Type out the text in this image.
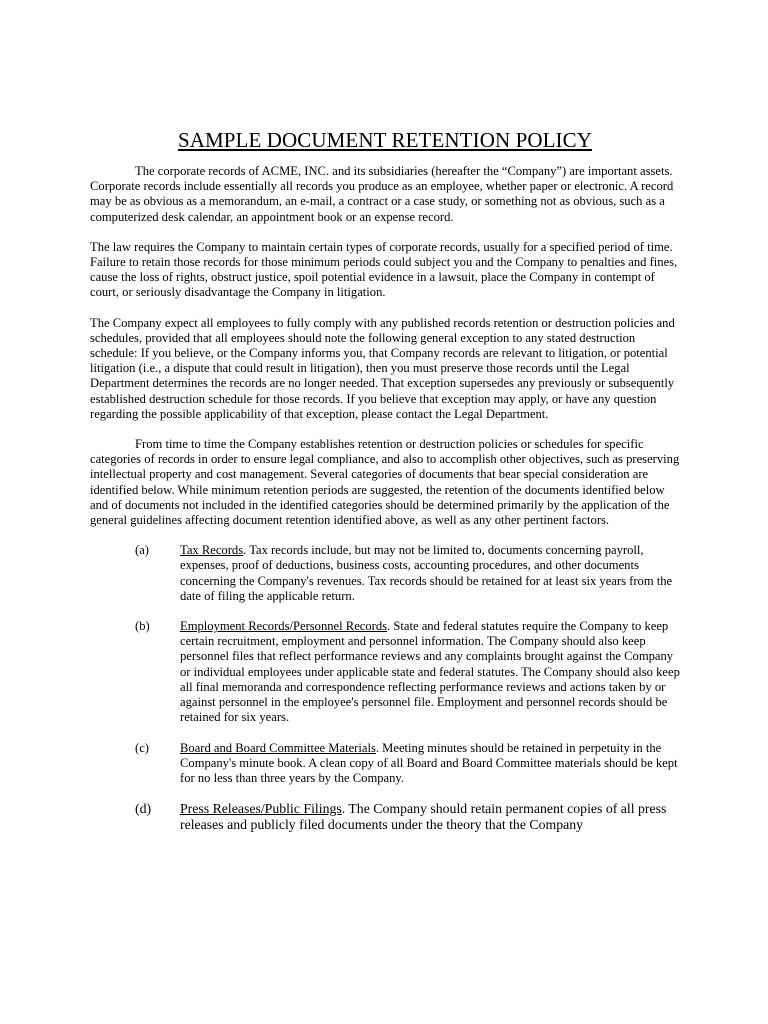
SAMPLE DOCUMENT RETENTION POLICY

The corporate records of ACME, INC. and its subsidiaries (hereafter the “Company”) are important assets. Corporate records include essentially all records you produce as an employee, whether paper or electronic. A record may be as obvious as a memorandum, an e-mail, a contract or a case study, or something not as obvious, such as a computerized desk calendar, an appointment book or an expense record.

The law requires the Company to maintain certain types of corporate records, usually for a specified period of time. Failure to retain those records for those minimum periods could subject you and the Company to penalties and fines, cause the loss of rights, obstruct justice, spoil potential evidence in a lawsuit, place the Company in contempt of court, or seriously disadvantage the Company in litigation.

The Company expect all employees to fully comply with any published records retention or destruction policies and schedules, provided that all employees should note the following general exception to any stated destruction schedule: If you believe, or the Company informs you, that Company records are relevant to litigation, or potential litigation (i.e., a dispute that could result in litigation), then you must preserve those records until the Legal Department determines the records are no longer needed. That exception supersedes any previously or subsequently established destruction schedule for those records. If you believe that exception may apply, or have any question regarding the possible applicability of that exception, please contact the Legal Department.

From time to time the Company establishes retention or destruction policies or schedules for specific categories of records in order to ensure legal compliance, and also to accomplish other objectives, such as preserving intellectual property and cost management. Several categories of documents that bear special consideration are identified below. While minimum retention periods are suggested, the retention of the documents identified below and of documents not included in the identified categories should be determined primarily by the application of the general guidelines affecting document retention identified above, as well as any other pertinent factors.

(a)	Tax Records. Tax records include, but may not be limited to, documents concerning payroll, expenses, proof of deductions, business costs, accounting procedures, and other documents concerning the Company's revenues. Tax records should be retained for at least six years from the date of filing the applicable return.
(b)	Employment Records/Personnel Records. State and federal statutes require the Company to keep certain recruitment, employment and personnel information. The Company should also keep personnel files that reflect performance reviews and any complaints brought against the Company or individual employees under applicable state and federal statutes. The Company should also keep all final memoranda and correspondence reflecting performance reviews and actions taken by or against personnel in the employee's personnel file. Employment and personnel records should be retained for six years.
(c)	Board and Board Committee Materials. Meeting minutes should be retained in perpetuity in the Company's minute book. A clean copy of all Board and Board Committee materials should be kept for no less than three years by the Company.
(d)	Press Releases/Public Filings. The Company should retain permanent copies of all press releases and publicly filed documents under the theory that the Company
